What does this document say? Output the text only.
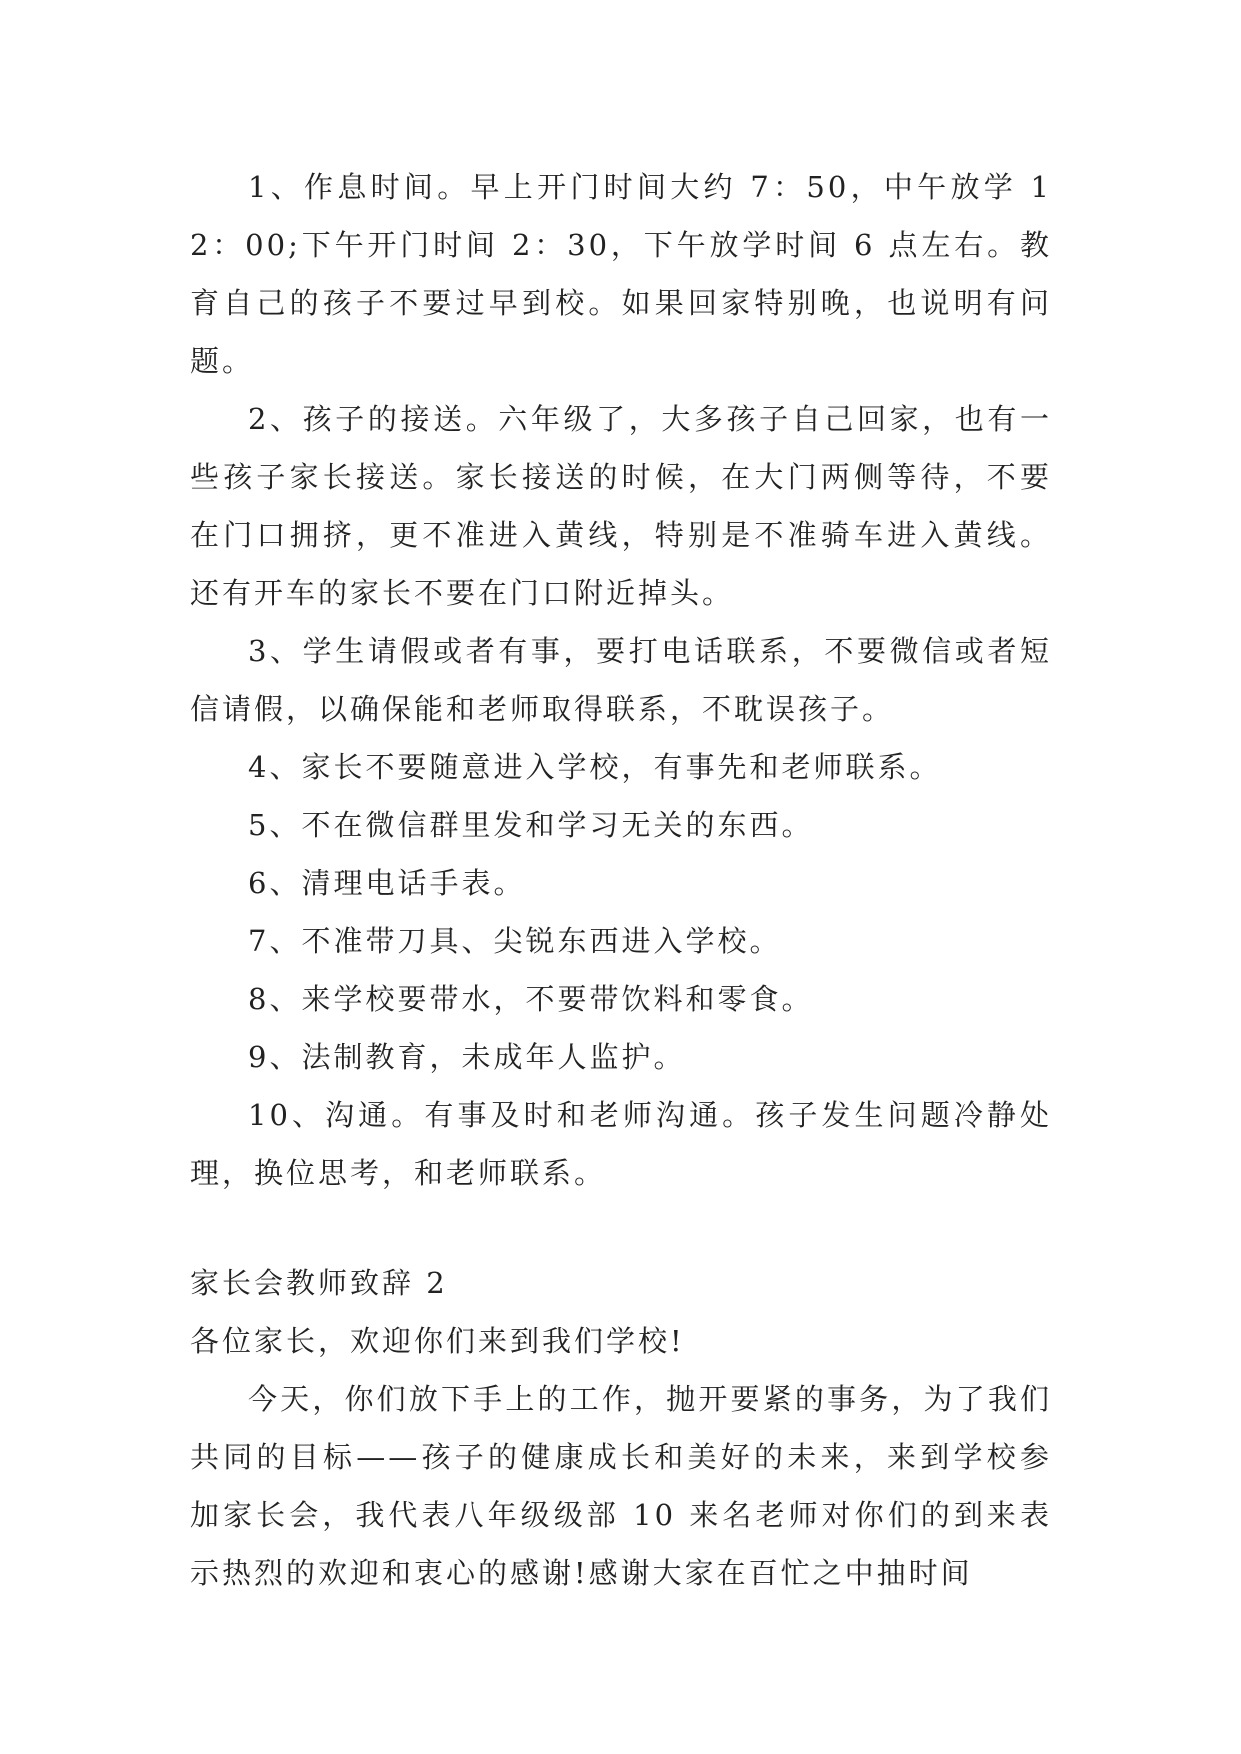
1、作息时间。早上开门时间大约 7：50，中午放学 12：00;下午开门时间 2：30，下午放学时间 6 点左右。教育自己的孩子不要过早到校。如果回家特别晚，也说明有问题。

2、孩子的接送。六年级了，大多孩子自己回家，也有一些孩子家长接送。家长接送的时候，在大门两侧等待，不要在门口拥挤，更不准进入黄线，特别是不准骑车进入黄线。还有开车的家长不要在门口附近掉头。

3、学生请假或者有事，要打电话联系，不要微信或者短信请假，以确保能和老师取得联系，不耽误孩子。

4、家长不要随意进入学校，有事先和老师联系。

5、不在微信群里发和学习无关的东西。

6、清理电话手表。

7、不准带刀具、尖锐东西进入学校。

8、来学校要带水，不要带饮料和零食。

9、法制教育，未成年人监护。

10、沟通。有事及时和老师沟通。孩子发生问题冷静处理，换位思考，和老师联系。

家长会教师致辞 2

各位家长，欢迎你们来到我们学校!

今天，你们放下手上的工作，抛开要紧的事务，为了我们共同的目标——孩子的健康成长和美好的未来，来到学校参加家长会，我代表八年级级部 10 来名老师对你们的到来表示热烈的欢迎和衷心的感谢!感谢大家在百忙之中抽时间
